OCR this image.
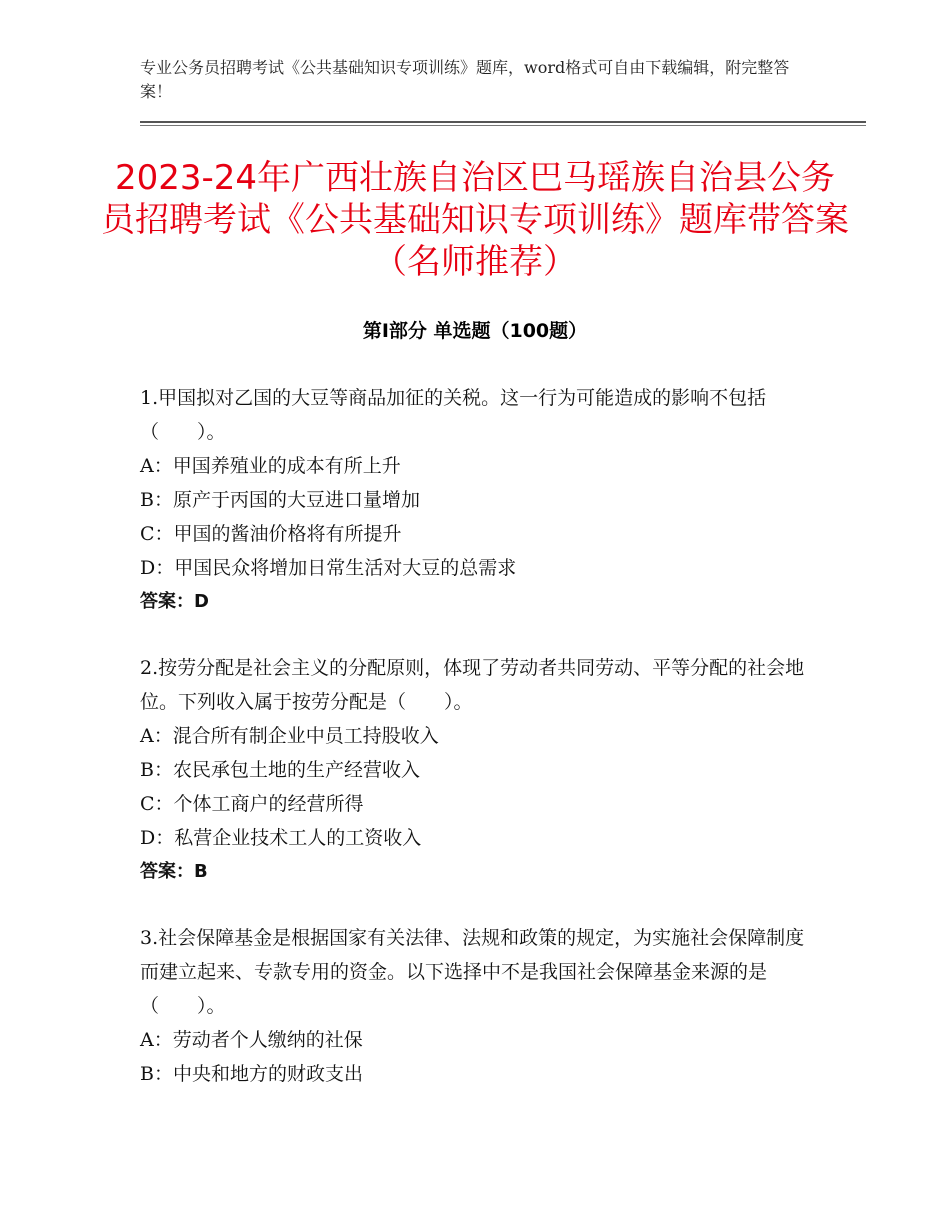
专业公务员招聘考试《公共基础知识专项训练》题库，word格式可自由下载编辑，附完整答案！
2023-24年广西壮族自治区巴马瑶族自治县公务员招聘考试《公共基础知识专项训练》题库带答案（名师推荐）
第Ⅰ部分 单选题（100题）

1.甲国拟对乙国的大豆等商品加征的关税。这一行为可能造成的影响不包括（　　）。

A：甲国养殖业的成本有所上升

B：原产于丙国的大豆进口量增加

C：甲国的酱油价格将有所提升

D：甲国民众将增加日常生活对大豆的总需求

答案：D

2.按劳分配是社会主义的分配原则，体现了劳动者共同劳动、平等分配的社会地位。下列收入属于按劳分配是（　　）。

A：混合所有制企业中员工持股收入

B：农民承包土地的生产经营收入

C：个体工商户的经营所得

D：私营企业技术工人的工资收入

答案：B

3.社会保障基金是根据国家有关法律、法规和政策的规定，为实施社会保障制度而建立起来、专款专用的资金。以下选择中不是我国社会保障基金来源的是（　　）。

A：劳动者个人缴纳的社保

B：中央和地方的财政支出
